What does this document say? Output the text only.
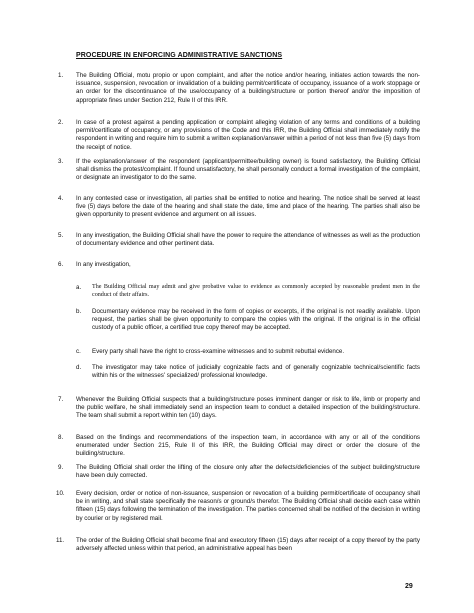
PROCEDURE IN ENFORCING ADMINISTRATIVE SANCTIONS
1. The Building Official, motu propio or upon complaint, and after the notice and/or hearing, initiates action towards the non-issuance, suspension, revocation or invalidation of a building permit/certificate of occupancy, issuance of a work stoppage or an order for the discontinuance of the use/occupancy of a building/structure or portion thereof and/or the imposition of appropriate fines under Section 212, Rule II of this IRR.
2. In case of a protest against a pending application or complaint alleging violation of any terms and conditions of a building permit/certificate of occupancy, or any provisions of the Code and this IRR, the Building Official shall immediately notify the respondent in writing and require him to submit a written explanation/answer within a period of not less than five (5) days from the receipt of notice.
3. If the explanation/answer of the respondent (applicant/permittee/building owner) is found satisfactory, the Building Official shall dismiss the protest/complaint. If found unsatisfactory, he shall personally conduct a formal investigation of the complaint, or designate an investigator to do the same.
4. In any contested case or investigation, all parties shall be entitled to notice and hearing. The notice shall be served at least five (5) days before the date of the hearing and shall state the date, time and place of the hearing. The parties shall also be given opportunity to present evidence and argument on all issues.
5. In any investigation, the Building Official shall have the power to require the attendance of witnesses as well as the production of documentary evidence and other pertinent data.
6. In any investigation,
a. The Building Official may admit and give probative value to evidence as commonly accepted by reasonable prudent men in the conduct of their affairs.
b. Documentary evidence may be received in the form of copies or excerpts, if the original is not readily available. Upon request, the parties shall be given opportunity to compare the copies with the original. If the original is in the official custody of a public officer, a certified true copy thereof may be accepted.
c. Every party shall have the right to cross-examine witnesses and to submit rebuttal evidence.
d. The investigator may take notice of judicially cognizable facts and of generally cognizable technical/scientific facts within his or the witnesses' specialized/ professional knowledge.
7. Whenever the Building Official suspects that a building/structure poses imminent danger or risk to life, limb or property and the public welfare, he shall immediately send an inspection team to conduct a detailed inspection of the building/structure. The team shall submit a report within ten (10) days.
8. Based on the findings and recommendations of the inspection team, in accordance with any or all of the conditions enumerated under Section 215, Rule II of this IRR, the Building Official may direct or order the closure of the building/structure.
9. The Building Official shall order the lifting of the closure only after the defects/deficiencies of the subject building/structure have been duly corrected.
10. Every decision, order or notice of non-issuance, suspension or revocation of a building permit/certificate of occupancy shall be in writing, and shall state specifically the reason/s or ground/s therefor. The Building Official shall decide each case within fifteen (15) days following the termination of the investigation. The parties concerned shall be notified of the decision in writing by courier or by registered mail.
11. The order of the Building Official shall become final and executory fifteen (15) days after receipt of a copy thereof by the party adversely affected unless within that period, an administrative appeal has been
29
